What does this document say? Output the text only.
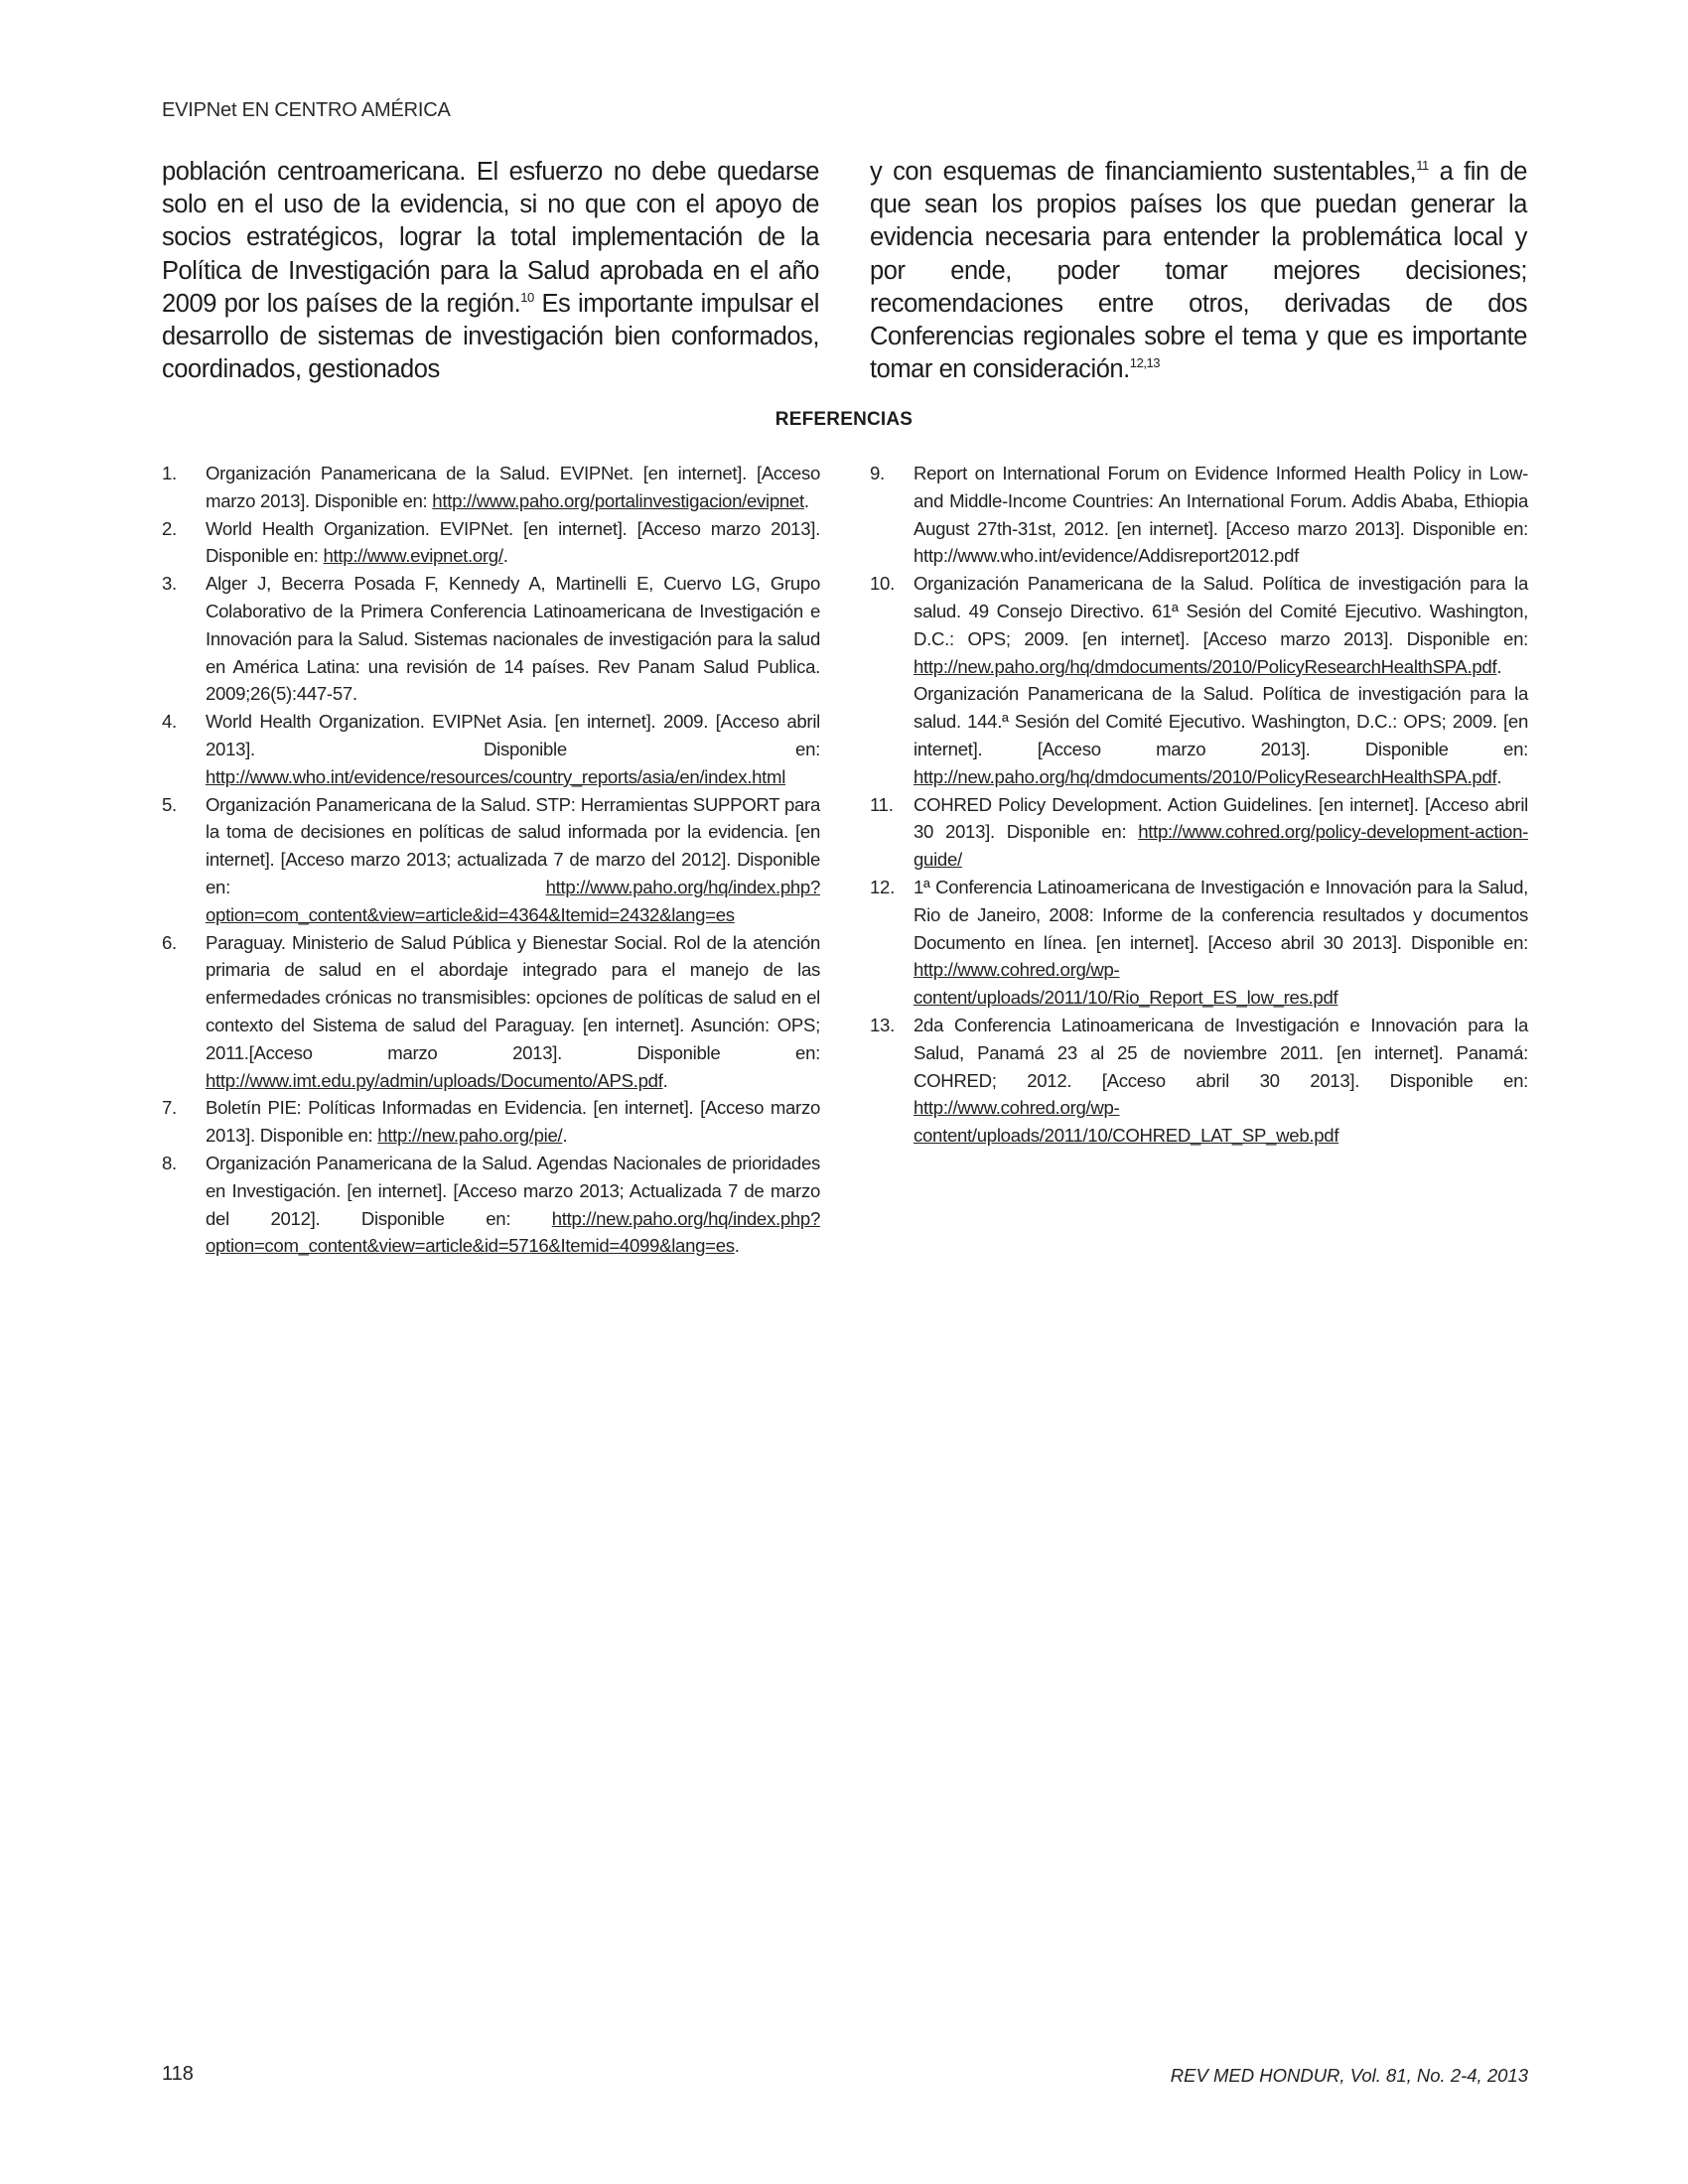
EVIPNet EN CENTRO AMÉRICA

población centroamericana. El esfuerzo no debe quedarse solo en el uso de la evidencia, si no que con el apoyo de socios estratégicos, lograr la total implementación de la Política de Investigación para la Salud aprobada en el año 2009 por los países de la región.$^{10}$ Es importante impulsar el desarrollo de sistemas de investigación bien conformados, coordinados, gestionados

y con esquemas de financiamiento sustentables,$^{11}$ a fin de que sean los propios países los que puedan generar la evidencia necesaria para entender la problemática local y por ende, poder tomar mejores decisiones; recomendaciones entre otros, derivadas de dos Conferencias regionales sobre el tema y que es importante tomar en consideración.$^{12,13}$

REFERENCIAS
1. Organización Panamericana de la Salud. EVIPNet. [en internet]. [Acceso marzo 2013]. Disponible en: http://www.paho.org/portalinvestigacion/evipnet.
2. World Health Organization. EVIPNet. [en internet]. [Acceso marzo 2013]. Disponible en: http://www.evipnet.org/.
3. Alger J, Becerra Posada F, Kennedy A, Martinelli E, Cuervo LG, Grupo Colaborativo de la Primera Conferencia Latinoamericana de Investigación e Innovación para la Salud. Sistemas nacionales de investigación para la salud en América Latina: una revisión de 14 países. Rev Panam Salud Publica. 2009;26(5):447-57.
4. World Health Organization. EVIPNet Asia. [en internet]. 2009. [Acceso abril 2013]. Disponible en: http://www.who.int/evidence/resources/country_reports/asia/en/index.html
5. Organización Panamericana de la Salud. STP: Herramientas SUPPORT para la toma de decisiones en políticas de salud informada por la evidencia. [en internet]. [Acceso marzo 2013; actualizada 7 de marzo del 2012]. Disponible en: http://www.paho.org/hq/index.php?option=com_content&view=article&id=4364&Itemid=2432&lang=es
6. Paraguay. Ministerio de Salud Pública y Bienestar Social. Rol de la atención primaria de salud en el abordaje integrado para el manejo de las enfermedades crónicas no transmisibles: opciones de políticas de salud en el contexto del Sistema de salud del Paraguay. [en internet]. Asunción: OPS; 2011.[Acceso marzo 2013]. Disponible en: http://www.imt.edu.py/admin/uploads/Documento/APS.pdf.
7. Boletín PIE: Políticas Informadas en Evidencia. [en internet]. [Acceso marzo 2013]. Disponible en: http://new.paho.org/pie/.
8. Organización Panamericana de la Salud. Agendas Nacionales de prioridades en Investigación. [en internet]. [Acceso marzo 2013; Actualizada 7 de marzo del 2012]. Disponible en: http://new.paho.org/hq/index.php?option=com_content&view=article&id=5716&Itemid=4099&lang=es.
9. Report on International Forum on Evidence Informed Health Policy in Low-and Middle-Income Countries: An International Forum. Addis Ababa, Ethiopia August 27th-31st, 2012. [en internet]. [Acceso marzo 2013]. Disponible en: http://www.who.int/evidence/Addisreport2012.pdf
10. Organización Panamericana de la Salud. Política de investigación para la salud. 49 Consejo Directivo. 61ª Sesión del Comité Ejecutivo. Washington, D.C.: OPS; 2009. [en internet]. [Acceso marzo 2013]. Disponible en: http://new.paho.org/hq/dmdocuments/2010/PolicyResearchHealthSPA.pdf. Organización Panamericana de la Salud. Política de investigación para la salud. 144.ª Sesión del Comité Ejecutivo. Washington, D.C.: OPS; 2009. [en internet]. [Acceso marzo 2013]. Disponible en: http://new.paho.org/hq/dmdocuments/2010/PolicyResearchHealthSPA.pdf.
11. COHRED Policy Development. Action Guidelines. [en internet]. [Acceso abril 30 2013]. Disponible en: http://www.cohred.org/policy-development-action-guide/
12. 1ª Conferencia Latinoamericana de Investigación e Innovación para la Salud, Rio de Janeiro, 2008: Informe de la conferencia resultados y documentos Documento en línea. [en internet]. [Acceso abril 30 2013]. Disponible en: http://www.cohred.org/wp-content/uploads/2011/10/Rio_Report_ES_low_res.pdf
13. 2da Conferencia Latinoamericana de Investigación e Innovación para la Salud, Panamá 23 al 25 de noviembre 2011. [en internet]. Panamá: COHRED; 2012. [Acceso abril 30 2013]. Disponible en: http://www.cohred.org/wp-content/uploads/2011/10/COHRED_LAT_SP_web.pdf
118	REV MED HONDUR, Vol. 81, No. 2-4, 2013
